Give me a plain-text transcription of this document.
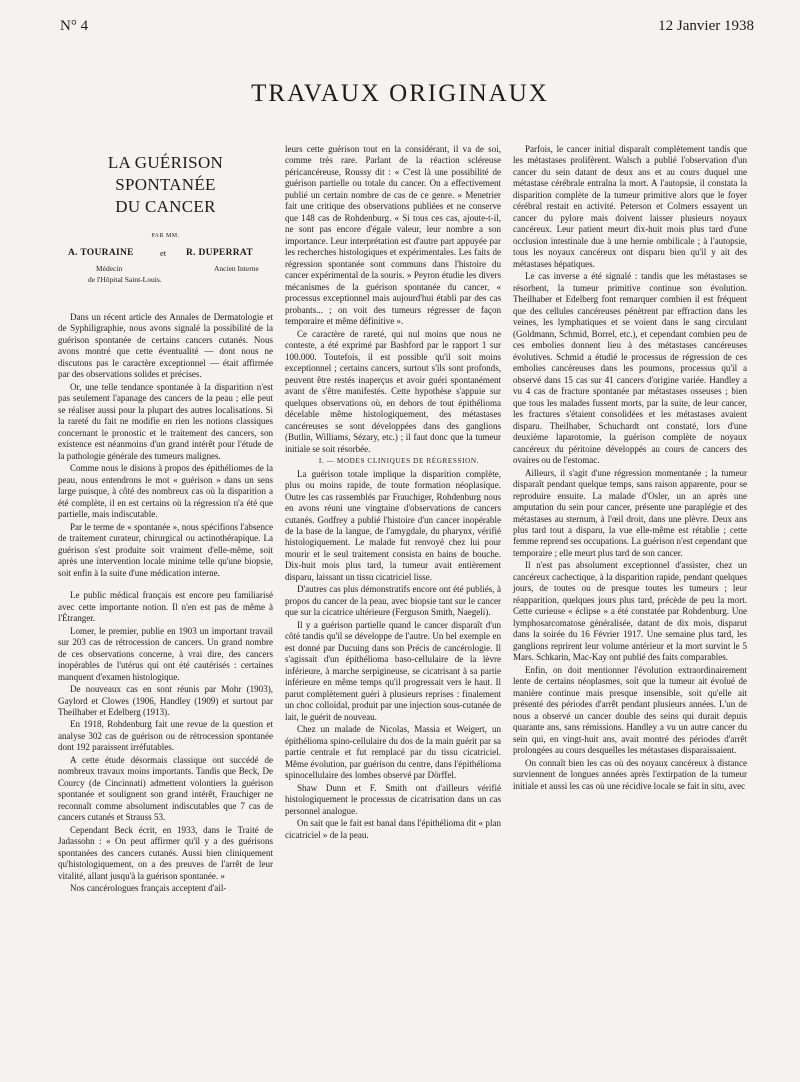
N° 4	12 Janvier 1938
TRAVAUX ORIGINAUX
LA GUÉRISON SPONTANÉE
DU CANCER
PAR MM.
A. TOURAINE	et R. DUPERRAT
Médecin	Ancien Interne
de l'Hôpital Saint-Louis.

Dans un récent article des Annales de Dermatologie et de Syphiligraphie, nous avons signalé la possibilité de la guérison spontanée de certains cancers cutanés. Nous avons montré que cette éventualité — dont nous ne discutons pas le caractère exceptionnel — était affirmée par des observations solides et précises.

Or, une telle tendance spontanée à la disparition n'est pas seulement l'apanage des cancers de la peau ; elle peut se réaliser aussi pour la plupart des autres localisations. Si la rareté du fait ne modifie en rien les notions classiques concernant le pronostic et le traitement des cancers, son existence est néanmoins d'un grand intérêt pour l'étude de la pathologie générale des tumeurs malignes.

Comme nous le disions à propos des épithéliomes de la peau, nous entendrons le mot « guérison » dans un sens large puisque, à côté des nombreux cas où la disparition a été complète, il en est certains où la régression n'a été que partielle, mais indiscutable.

Par le terme de « spontanée », nous spécifions l'absence de traitement curateur, chirurgical ou actinothérapique. La guérison s'est produite soit vraiment d'elle-même, soit après une intervention locale minime telle qu'une biopsie, soit enfin à la suite d'une médication interne.

Le public médical français est encore peu familiarisé avec cette importante notion. Il n'en est pas de même à l'Étranger.

Lomer, le premier, publie en 1903 un important travail sur 203 cas de rétrocession de cancers. Un grand nombre de ces observations concerne, à vrai dire, des cancers inopérables de l'utérus qui ont été cautérisés : certaines manquent d'examen histologique.

De nouveaux cas en sont réunis par Mohr (1903), Gaylord et Clowes (1906, Handley (1909) et surtout par Theilhaber et Edelberg (1913).

En 1918, Rohdenburg fait une revue de la question et analyse 302 cas de guérison ou de rétrocession spontanée dont 192 paraissent irréfutables.

A cette étude désormais classique ont succédé de nombreux travaux moins importants. Tandis que Beck, De Courcy (de Cincinnati) admettent volontiers la guérison spontanée et soulignent son grand intérêt, Frauchiger ne reconnaît comme absolument indiscutables que 7 cas de cancers cutanés et Strauss 53.

Cependant Beck écrit, en 1933, dans le Traité de Jadassohn : « On peut affirmer qu'il y a des guérisons spontanées des cancers cutanés. Aussi bien cliniquement qu'histologiquement, on a des preuves de l'arrêt de leur vitalité, allant jusqu'à la guérison spontanée. »

Nos cancérologues français acceptent d'ail-

leurs cette guérison tout en la considérant, il va de soi, comme très rare. Parlant de la réaction scléreuse péricancéreuse, Roussy dit : « C'est là une possibilité de guérison partielle ou totale du cancer. On a effectivement publié un certain nombre de cas de ce genre. » Menetrier fait une critique des observations publiées et ne conserve que 148 cas de Rohdenburg. « Si tous ces cas, ajoute-t-il, ne sont pas encore d'égale valeur, leur nombre a son importance. Leur interprétation est d'autre part appuyée par les recherches histologiques et expérimentales. Les faits de régression spontanée sont communs dans l'histoire du cancer expérimental de la souris. » Peyron étudie les divers mécanismes de la guérison spontanée du cancer, « processus exceptionnel mais aujourd'hui établi par des cas probants... ; on voit des tumeurs régresser de façon temporaire et même définitive ».

Ce caractère de rareté, qui nul moins que nous ne conteste, a été exprimé par Bashford par le rapport 1 sur 100.000. Toutefois, il est possible qu'il soit moins exceptionnel ; certains cancers, surtout s'ils sont profonds, peuvent être restés inaperçus et avoir guéri spontanément avant de s'être manifestés. Cette hypothèse s'appuie sur quelques observations où, en dehors de tout épithélioma décelable même histologiquement, des métastases cancéreuses se sont développées dans des ganglions (Butlin, Williams, Sézary, etc.) ; il faut donc que la tumeur initiale se soit résorbée.

I. — MODES CLINIQUES DE RÉGRESSION.

La guérison totale implique la disparition complète, plus ou moins rapide, de toute formation néoplasique. Outre les cas rassemblés par Frauchiger, Rohdenburg nous en avons réuni une vingtaine d'observations de cancers cutanés. Godfrey a publié l'histoire d'un cancer inopérable de la base de la langue, de l'amygdale, du pharynx, vérifié histologiquement. Le malade fut renvoyé chez lui pour mourir et le seul traitement consista en bains de bouche. Dix-huit mois plus tard, la tumeur avait entièrement disparu, laissant un tissu cicatriciel lisse.

D'autres cas plus démonstratifs encore ont été publiés, à propos du cancer de la peau, avec biopsie tant sur le cancer que sur la cicatrice ultérieure (Ferguson Smith, Naegeli).

Il y a guérison partielle quand le cancer disparaît d'un côté tandis qu'il se développe de l'autre. Un bel exemple en est donné par Ducuing dans son Précis de cancérologie. Il s'agissait d'un épithélioma baso-cellulaire de la lèvre inférieure, à marche serpigineuse, se cicatrisant à sa partie inférieure en même temps qu'il progressait vers le haut. Il parut complètement guéri à plusieurs reprises : finalement un choc colloïdal, produit par une injection sous-cutanée de lait, le guérit de nouveau.

Chez un malade de Nicolas, Massia et Weigert, un épithélioma spino-cellulaire du dos de la main guérit par sa partie centrale et fut remplacé par du tissu cicatriciel. Même évolution, par guérison du centre, dans l'épithélioma spinocellulaire des lombes observé par Dörffel.

Shaw Dunn et F. Smith ont d'ailleurs vérifié histologiquement le processus de cicatrisation dans un cas personnel analogue.

On sait que le fait est banal dans l'épithélioma dit « plan cicatriciel » de la peau.

Parfois, le cancer initial disparaît complètement tandis que les métastases prolifèrent. Walsch a publié l'observation d'un cancer du sein datant de deux ans et au cours duquel une métastase cérébrale entraîna la mort. A l'autopsie, il constata la disparition complète de la tumeur primitive alors que le foyer cérébral restait en activité. Peterson et Colmers essayent un cancer du pylore mais doivent laisser plusieurs noyaux cancéreux. Leur patient meurt dix-huit mois plus tard d'une occlusion intestinale due à une hernie ombilicale ; à l'autopsie, tous les noyaux cancéreux ont disparu bien qu'il y ait des métastases hépatiques.

Le cas inverse a été signalé : tandis que les métastases se résorbent, la tumeur primitive continue son évolution. Theilhaber et Edelberg font remarquer combien il est fréquent que des cellules cancéreuses pénètrent par effraction dans les veines, les lymphatiques et se voient dans le sang circulant (Goldmann, Schmid, Borrel, etc.), et cependant combien peu de ces embolies donnent lieu à des métastases cancéreuses évolutives. Schmid a étudié le processus de régression de ces embolies cancéreuses dans les poumons, processus qu'il a observé dans 15 cas sur 41 cancers d'origine variée. Handley a vu 4 cas de fracture spontanée par métastases osseuses ; bien que tous les malades fussent morts, par la suite, de leur cancer, les fractures s'étaient consolidées et les métastases avaient disparu. Theilhaber, Schuchardt ont constaté, lors d'une deuxième laparotomie, la guérison complète de noyaux cancéreux du péritoine développés au cours de cancers des ovaires ou de l'estomac.

Ailleurs, il s'agit d'une régression momentanée ; la tumeur disparaît pendant quelque temps, sans raison apparente, pour se reproduire ensuite. La malade d'Osler, un an après une amputation du sein pour cancer, présente une paraplégie et des métastases au sternum, à l'œil droit, dans une plèvre. Deux ans plus tard tout a disparu, la vue elle-même est rétablie ; cette femme reprend ses occupations. La guérison n'est cependant que temporaire ; elle meurt plus tard de son cancer.

Il n'est pas absolument exceptionnel d'assister, chez un cancéreux cachectique, à la disparition rapide, pendant quelques jours, de toutes ou de presque toutes les tumeurs ; leur réapparition, quelques jours plus tard, précède de peu la mort. Cette curieuse « éclipse » a été constatée par Rohdenburg. Une lymphosarcomatose généralisée, datant de dix mois, disparut dans la soirée du 16 Février 1917. Une semaine plus tard, les ganglions reprirent leur volume antérieur et la mort survint le 5 Mars. Schkarin, Mac-Kay ont publié des faits comparables.

Enfin, on doit mentionner l'évolution extraordinairement lente de certains néoplasmes, soit que la tumeur ait évolué de manière continue mais presque insensible, soit qu'elle ait présenté des périodes d'arrêt pendant plusieurs années. L'un de nous a observé un cancer double des seins qui durait depuis quarante ans, sans rémissions. Handley a vu un autre cancer du sein qui, en vingt-huit ans, avait montré des périodes d'arrêt prolongées au cours desquelles les métastases disparaissaient.

On connaît bien les cas où des noyaux cancéreux à distance surviennent de longues années après l'extirpation de la tumeur initiale et aussi les cas où une récidive locale se fait in situ, avec
